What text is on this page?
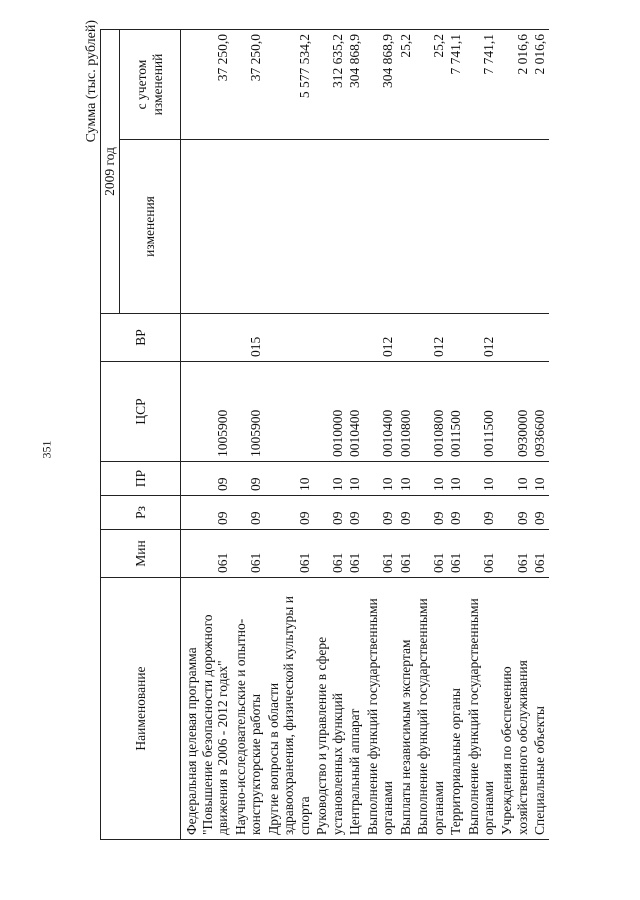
351
Сумма (тыс. рублей)
Наименование	Мин	Рз	ПР	ЦСР	ВР	2009 год	
						изменения	с учетом изменений
Федеральная целевая программа "Повышение безопасности дорожного движения в 2006 - 2012 годах"	061	09	09	1005900			37 250,0
Научно-исследовательские и опытно-конструкторские работы	061	09	09	1005900	015		37 250,0
Другие вопросы в области здравоохранения, физической культуры и спорта	061	09	10				5 577 534,2
Руководство и управление в сфере установленных функций	061	09	10	0010000			312 635,2
Центральный аппарат	061	09	10	0010400			304 868,9
Выполнение функций государственными органами	061	09	10	0010400	012		304 868,9
Выплаты независимым экспертам	061	09	10	0010800			25,2
Выполнение функций государственными органами	061	09	10	0010800	012		25,2
Территориальные органы	061	09	10	0011500			7 741,1
Выполнение функций государственными органами	061	09	10	0011500	012		7 741,1
Учреждения по обеспечению хозяйственного обслуживания	061	09	10	0930000			2 016,6
Специальные объекты	061	09	10	0936600			2 016,6
